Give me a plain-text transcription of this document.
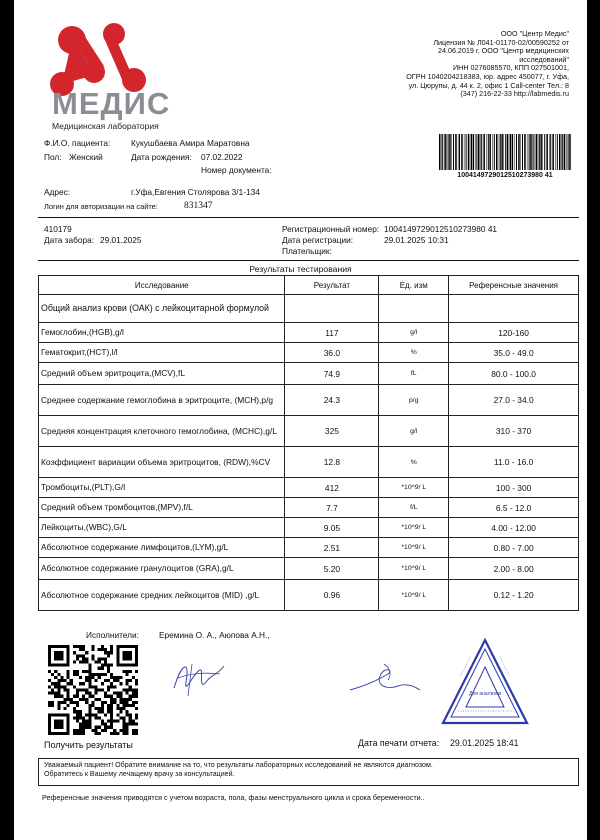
МЕДИС
Медицинская лаборатория
ООО "Центр Медис"
Лицензия № Л041-01170-02/00590252 от
24.06.2019 г. ООО "Центр медицинских
исследований"
ИНН 0276085570, КПП 027501001,
ОГРН 1040204218383, юр. адрес 450077, г. Уфа,
ул. Цюрупы, д. 44 к. 2, офис 1 Call-center Тел.: 8
(347) 216-22-33 http://labmedis.ru
Ф.И.О. пациента: Кукушбаева Амира Маратовна
Пол: Женский	Дата рождения: 07.02.2022
Номер документа:
Адрес:	г.Уфа,Евгения Столярова 3/1-134
Логин для авторизации на сайте:	831347
1004149729012510273980 41
410179
Дата забора: 29.01.2025
Регистрационный номер: 1004149729012510273980 41
Дата регистрации:	29.01.2025 10:31
Плательщик:
Результаты тестирования
Исследование	Результат	Ед. изм	Референсные значения
Общий анализ крови (ОАК) с лейкоцитарной формулой			
Гемоглобин,(HGB),g/l	117	g/l	120-160
Гематокрит,(HCT),l/l	36.0	%	35.0 - 49.0
Средний объем эритроцита,(MCV),fL	74.9	fL	80.0 - 100.0
Среднее содержание гемоглобина в эритроците, (MCH),p/g	24.3	p/g	27.0 - 34.0
Средняя концентрация клеточного гемоглобина, (MCHC),g/L	325	g/l	310 - 370
Коэффициент вариации объема эритроцитов, (RDW),%CV	12.8	%	11.0 - 16.0
Тромбоциты,(PLT),G/l	412	*10^9/ L	100 - 300
Средний объем тромбоцитов,(MPV),f/L	7.7	f/L	6.5 - 12.0
Лейкоциты,(WBC),G/L	9.05	*10^9/ L	4.00 - 12.00
Абсолютное содержание лимфоцитов,(LYM),g/L	2.51	*10^9/ L	0.80 - 7.00
Абсолютное содержание гранулоцитов (GRA),g/L	5.20	*10^9/ L	2.00 - 8.00
Абсолютное содержание средних лейкоцитов (MID) ,g/L	0.96	*10^9/ L	0.12 - 1.20
Исполнители: Еремина О. А., Аюпова А.Н.,
Получить результаты
Для анализов
Дата печати отчета: 29.01.2025 18:41
Уважаемый пациент! Обратите внимание на то, что результаты лабораторных исследований не являются диагнозом.
Обратитесь к Вашему лечащему врачу за консультацией.
Референсные значения приводятся с учетом возраста, пола, фазы менструального цикла и срока беременности..
